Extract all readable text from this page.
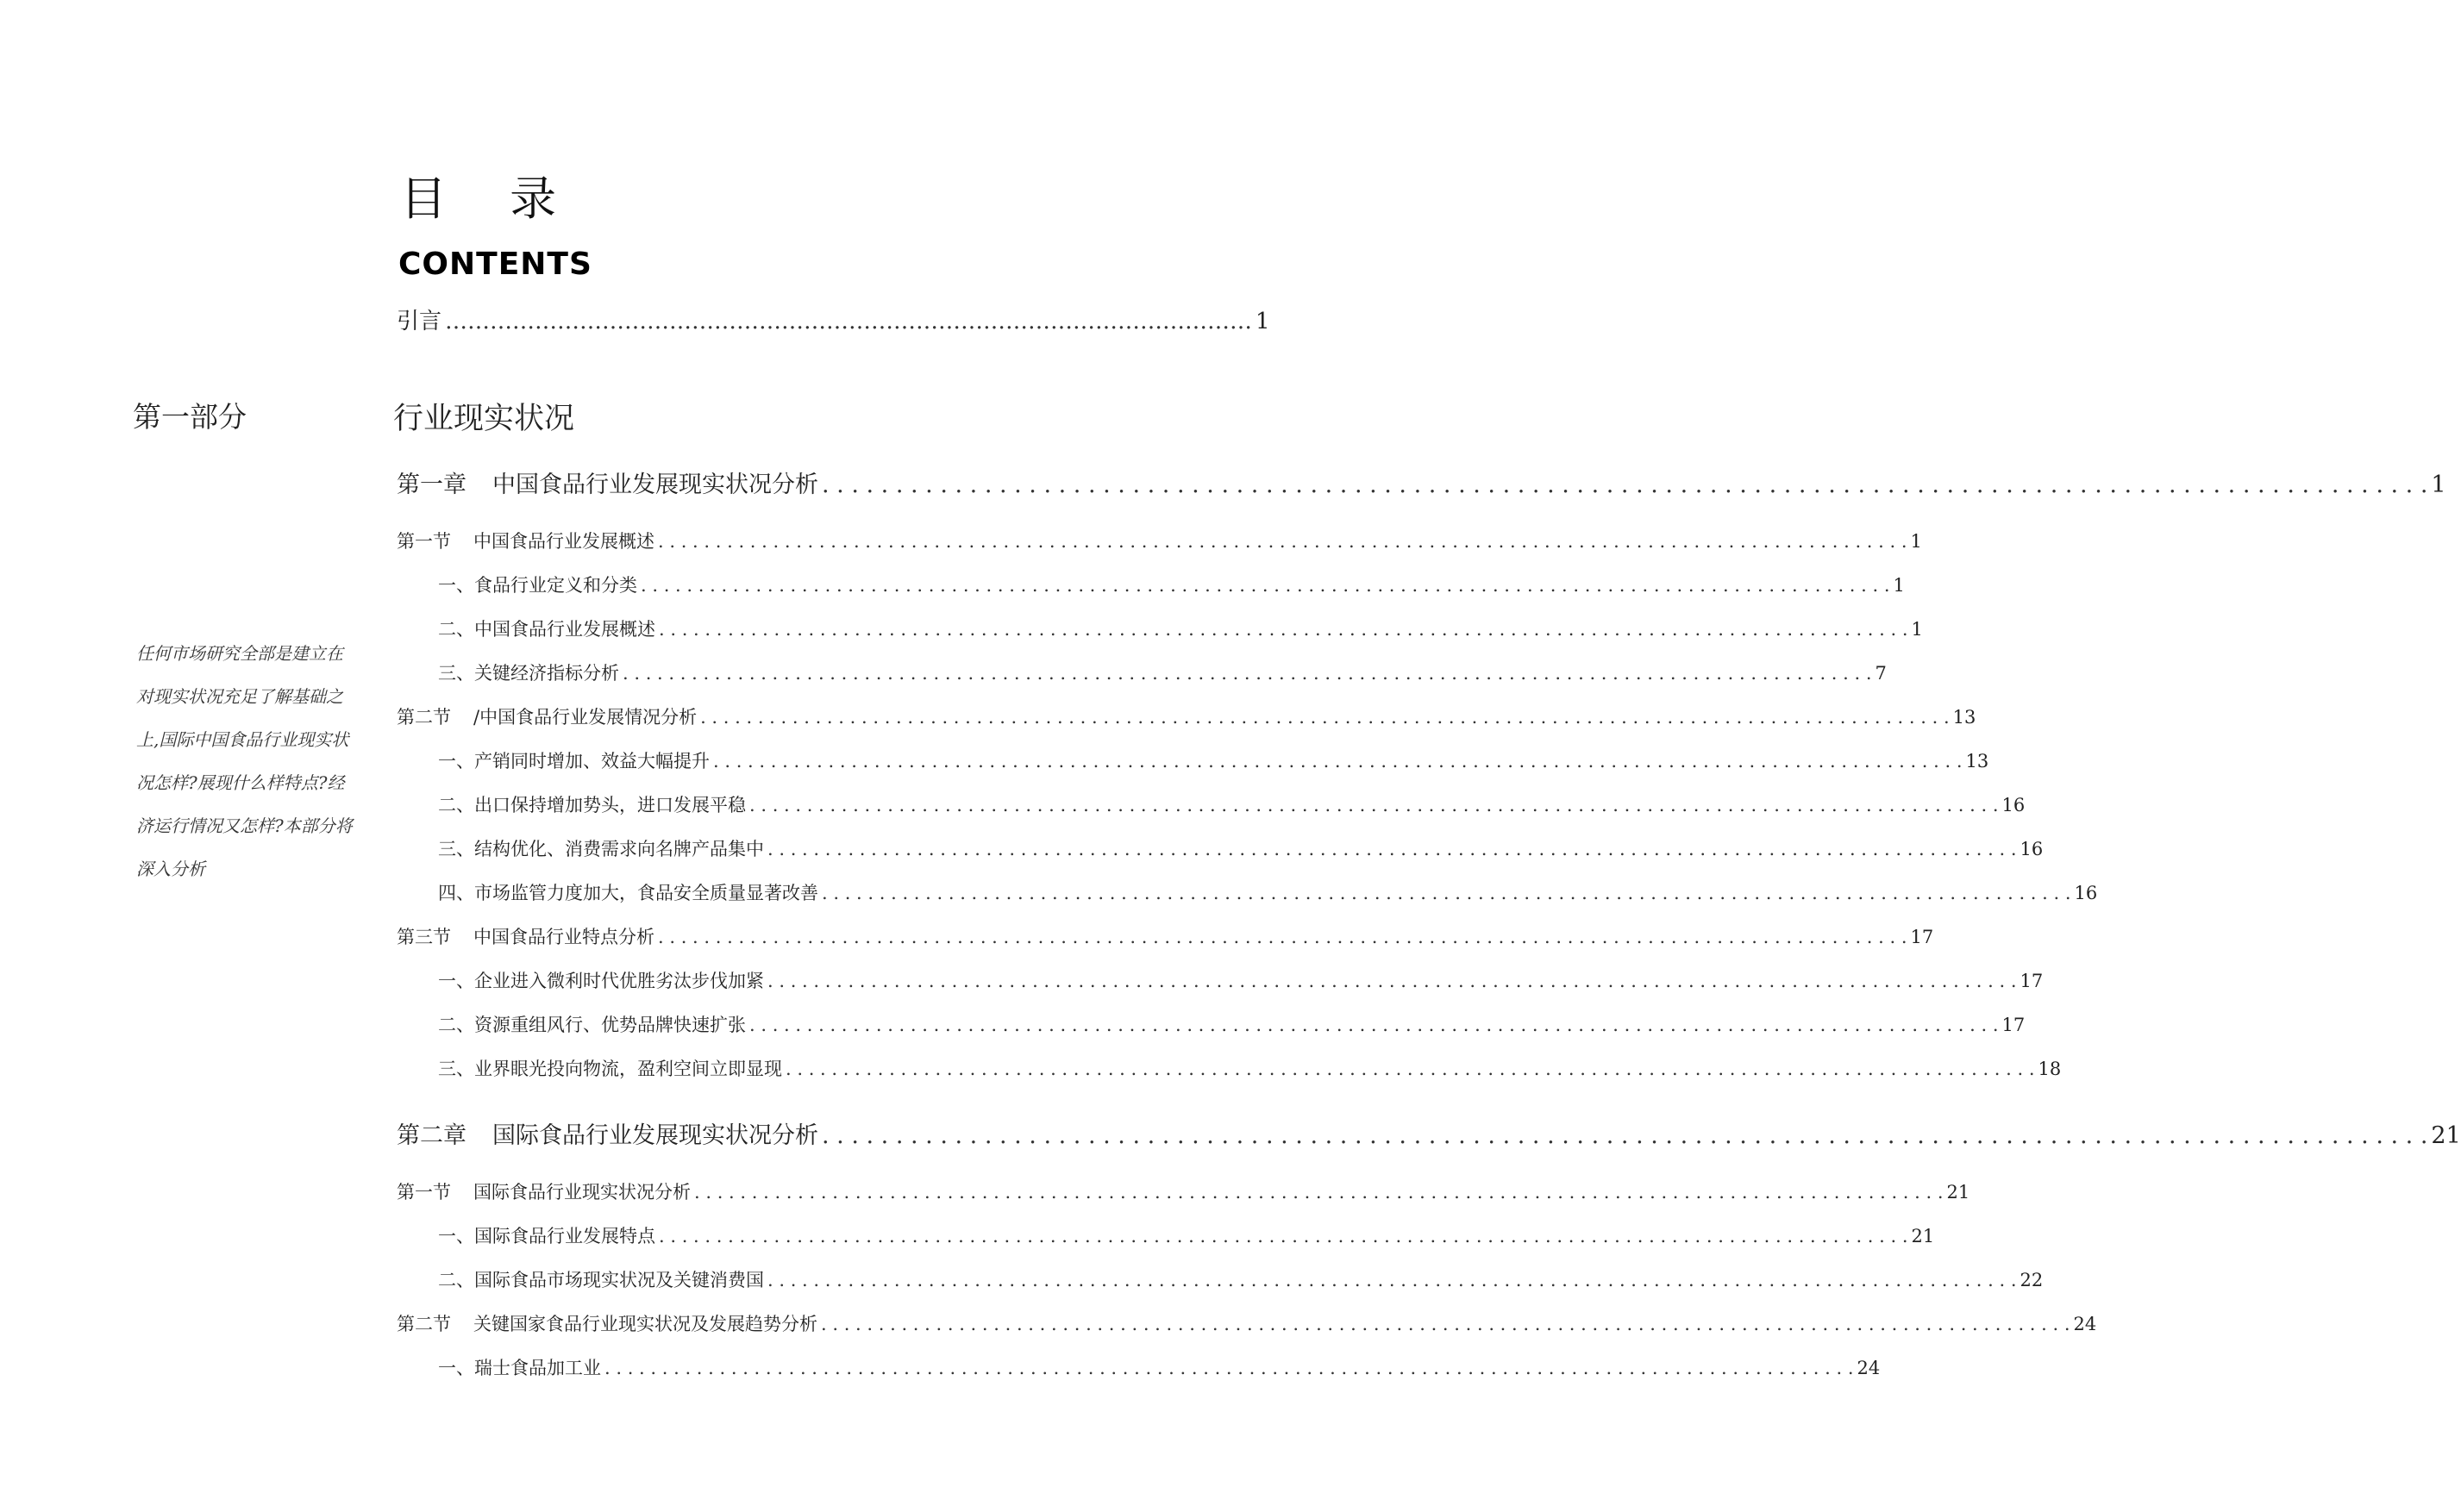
目 录
CONTENTS
引言 ………………………………………………………………………………………………	1
第一部分	行业现实状况
任何市场研究全部是建立在对现实状况充足了解基础之上,国际中国食品行业现实状况怎样?展现什么样特点?经济运行情况又怎样?本部分将深入分析
第一章 中国食品行业发展现实状况分析 . . .	1
第一节 中国食品行业发展概述 . . .	1
一、食品行业定义和分类 . . .	1
二、中国食品行业发展概述 . . .	1
三、关键经济指标分析 . . .	7
第二节 /中国食品行业发展情况分析 . . .	13
一、产销同时增加、效益大幅提升 . . .	13
二、出口保持增加势头，进口发展平稳 . . .	16
三、结构优化、消费需求向名牌产品集中 . . .	16
四、市场监管力度加大，食品安全质量显著改善 . . .	16
第三节 中国食品行业特点分析 . . .	17
一、企业进入微利时代优胜劣汰步伐加紧 . . .	17
二、资源重组风行、优势品牌快速扩张 . . .	17
三、业界眼光投向物流，盈利空间立即显现 . . .	18
第二章 国际食品行业发展现实状况分析 . . .	21
第一节 国际食品行业现实状况分析 . . .	21
一、国际食品行业发展特点 . . .	21
二、国际食品市场现实状况及关键消费国 . . .	22
第二节 关键国家食品行业现实状况及发展趋势分析 . . .	24
一、瑞士食品加工业 . . .	24
